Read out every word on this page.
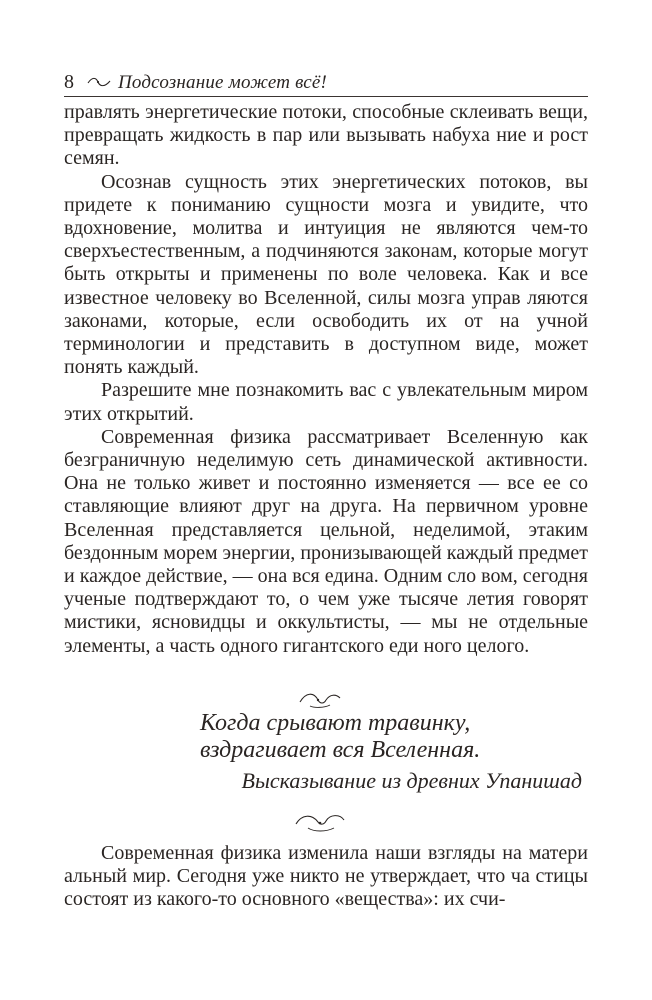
8 Подсознание может всё!

правлять энергетические потоки, способные склеивать вещи, превращать жидкость в пар или вызывать набуха ние и рост семян.

Осознав сущность этих энергетических потоков, вы придете к пониманию сущности мозга и увидите, что вдохновение, молитва и интуиция не являются чем-то сверхъестественным, а подчиняются законам, которые могут быть открыты и применены по воле человека. Как и все известное человеку во Вселенной, силы мозга управ ляются законами, которые, если освободить их от на учной терминологии и представить в доступном виде, может понять каждый.

Разрешите мне познакомить вас с увлекательным миром этих открытий.

Современная физика рассматривает Вселенную как безграничную неделимую сеть динамической активности. Она не только живет и постоянно изменяется — все ее со ставляющие влияют друг на друга. На первичном уровне Вселенная представляется цельной, неделимой, этаким бездонным морем энергии, пронизывающей каждый предмет и каждое действие, — она вся едина. Одним сло вом, сегодня ученые подтверждают то, о чем уже тысяче летия говорят мистики, ясновидцы и оккультисты, — мы не отдельные элементы, а часть одного гигантского еди ного целого.

Когда срывают травинку,
вздрагивает вся Вселенная.
Высказывание из древних Упанишад

Современная физика изменила наши взгляды на матери альный мир. Сегодня уже никто не утверждает, что ча стицы состоят из какого-то основного «вещества»: их счи-
